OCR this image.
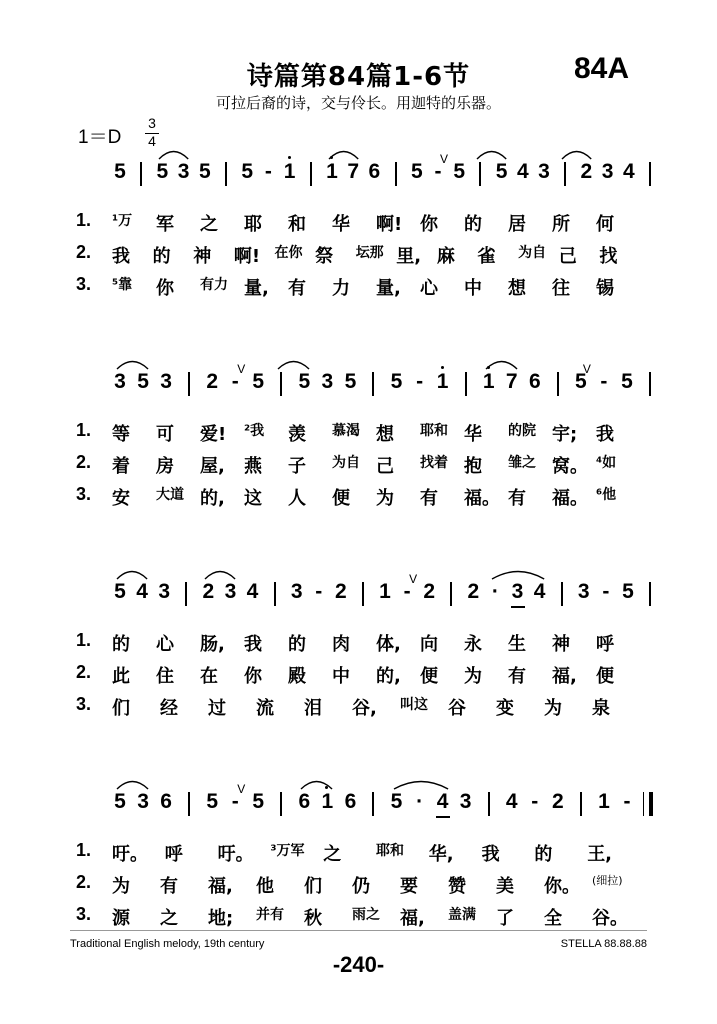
诗篇第84篇1-6节	84A
可拉后裔的诗，交与伶长。用迦特的乐器。
1＝D
3
4
5 5 3 5 5 - 1 1 7 6 5 - 5 5 4 3 2 3 4
V
1. ¹万 军 之 耶 和 华 啊! 你 的 居 所 何
2. 我 的 神 啊! 在你 祭 坛那 里, 麻 雀 为自 己 找
3. ⁵靠 你 有力 量, 有 力 量, 心 中 想 往 锡
3 5 3 2 - 5 5 3 5 5 - 1 1 7 6 5 - 5
V	V
1. 等 可 爱! ²我 羡 慕渴 想 耶和 华 的院 宇; 我
2. 着 房 屋, 燕 子 为自 己 找着 抱 雏之 窝。 ⁴如
3. 安 大道 的, 这 人 便 为 有 福。 有 福。 ⁶他
5 4 3 2 3 4 3 - 2 1 - 2 2 · 3 4 3 - 5
V
1. 的 心 肠, 我 的 肉 体, 向 永 生 神 呼
2. 此 住 在 你 殿 中 的, 便 为 有 福, 便
3. 们 经 过 流 泪 谷, 叫这 谷 变 为 泉
5 3 6 5 - 5 6 1 6 5 · 4 3 4 - 2 1 -
V
1. 吁。 呼 吁。 ³万军 之 耶和 华, 我 的 王,
2. 为 有 福, 他 们 仍 要 赞 美 你。 (细拉)
3. 源 之 地; 并有 秋 雨之 福, 盖满 了 全 谷。
Traditional English melody, 19th century	STELLA 88.88.88
-240-
